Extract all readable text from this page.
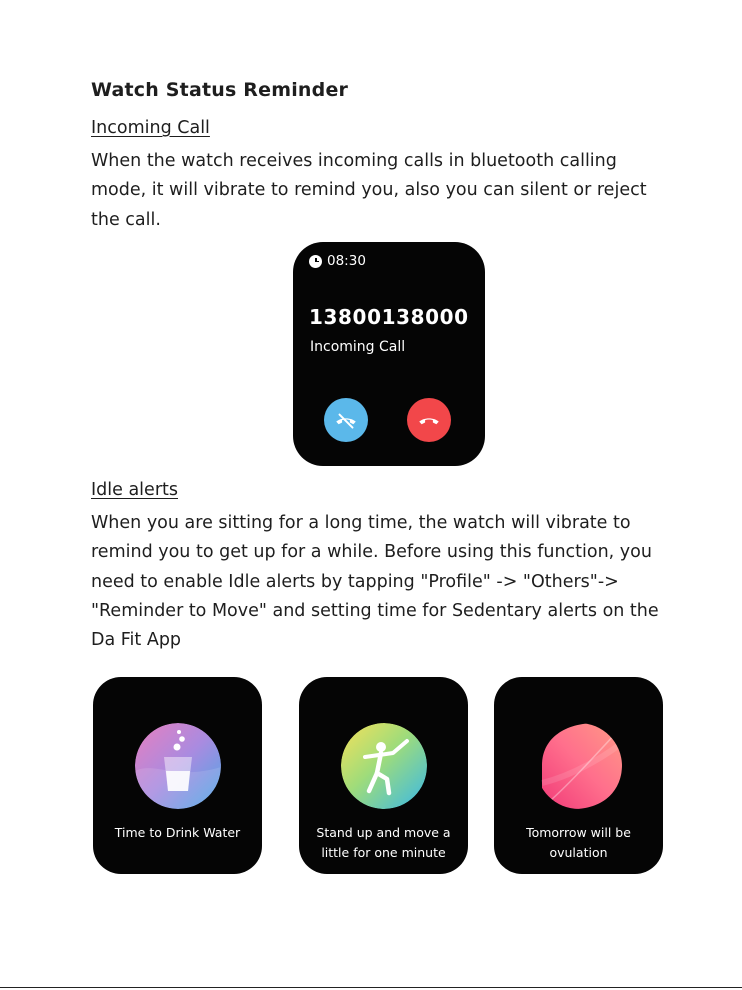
Watch Status Reminder
Incoming Call
When the watch receives incoming calls in bluetooth calling
mode, it will vibrate to remind you, also you can silent or reject
the call.
08:30
13800138000
Incoming Call
Idle alerts
When you are sitting for a long time, the watch will vibrate to
remind you to get up for a while. Before using this function, you
need to enable Idle alerts by tapping "Profile" -> "Others"->
"Reminder to Move" and setting time for Sedentary alerts on the
Da Fit App
Time to Drink Water	Stand up and move a
little for one minute
Tomorrow will be
ovulation
